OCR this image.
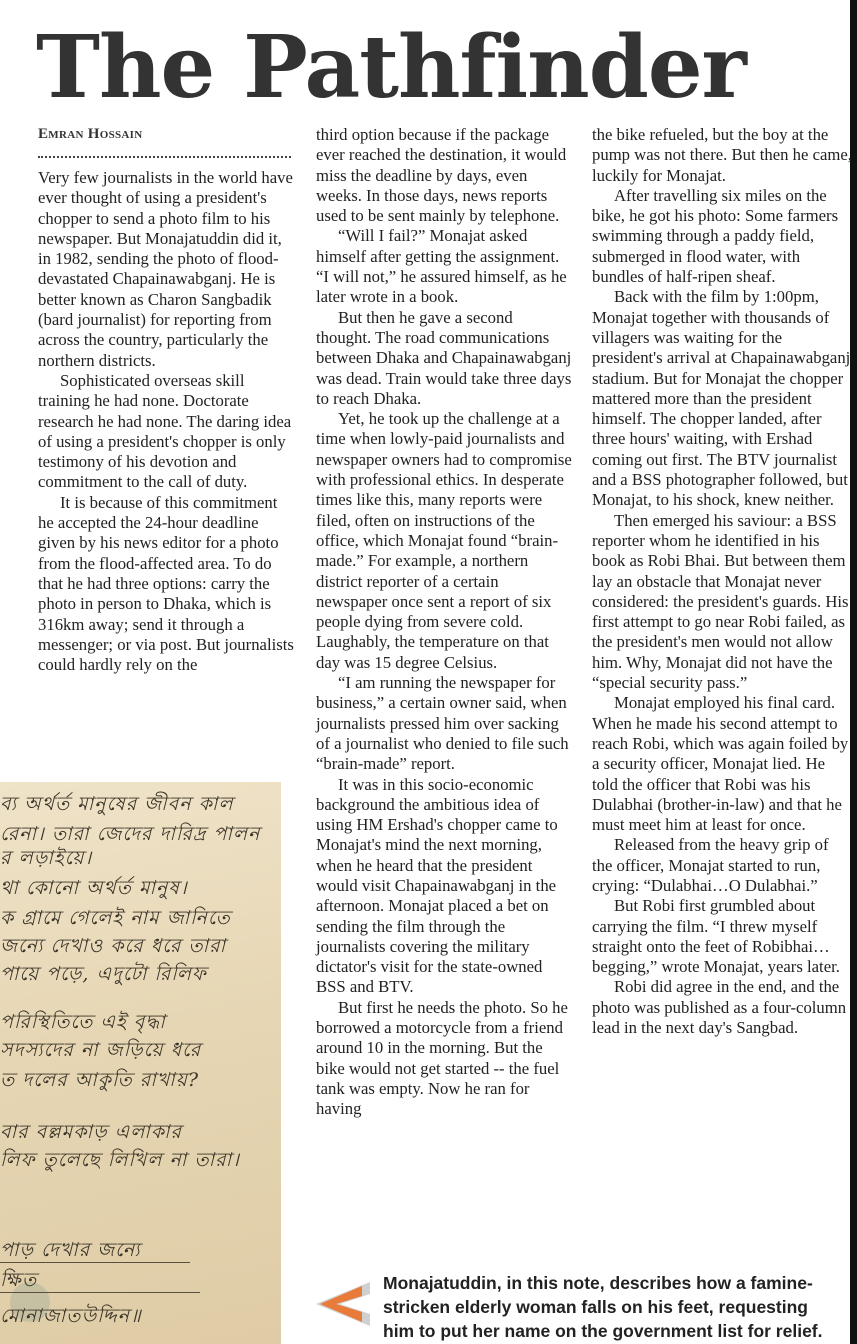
The Pathfinder
Emran Hossain

Very few journalists in the world have ever thought of using a president's chopper to send a photo film to his newspaper. But Monajatuddin did it, in 1982, sending the photo of flood-devastated Chapainawabganj. He is better known as Charon Sangbadik (bard journalist) for reporting from across the country, particularly the northern districts.

Sophisticated overseas skill training he had none. Doctorate research he had none. The daring idea of using a president's chopper is only testimony of his devotion and commitment to the call of duty.

It is because of this commitment he accepted the 24-hour deadline given by his news editor for a photo from the flood-affected area. To do that he had three options: carry the photo in person to Dhaka, which is 316km away; send it through a messenger; or via post. But journalists could hardly rely on the

third option because if the package ever reached the destination, it would miss the deadline by days, even weeks. In those days, news reports used to be sent mainly by telephone.

“Will I fail?” Monajat asked himself after getting the assignment. “I will not,” he assured himself, as he later wrote in a book.

But then he gave a second thought. The road communications between Dhaka and Chapainawabganj was dead. Train would take three days to reach Dhaka.

Yet, he took up the challenge at a time when lowly-paid journalists and newspaper owners had to compromise with professional ethics. In desperate times like this, many reports were filed, often on instructions of the office, which Monajat found “brain-made.” For example, a northern district reporter of a certain newspaper once sent a report of six people dying from severe cold. Laughably, the temperature on that day was 15 degree Celsius.

“I am running the newspaper for business,” a certain owner said, when journalists pressed him over sacking of a journalist who denied to file such “brain-made” report.

It was in this socio-economic background the ambitious idea of using HM Ershad's chopper came to Monajat's mind the next morning, when he heard that the president would visit Chapainawabganj in the afternoon. Monajat placed a bet on sending the film through the journalists covering the military dictator's visit for the state-owned BSS and BTV.

But first he needs the photo. So he borrowed a motorcycle from a friend around 10 in the morning. But the bike would not get started -- the fuel tank was empty. Now he ran for having

the bike refueled, but the boy at the pump was not there. But then he came, luckily for Monajat.

After travelling six miles on the bike, he got his photo: Some farmers swimming through a paddy field, submerged in flood water, with bundles of half-ripen sheaf.

Back with the film by 1:00pm, Monajat together with thousands of villagers was waiting for the president's arrival at Chapainawabganj stadium. But for Monajat the chopper mattered more than the president himself. The chopper landed, after three hours' waiting, with Ershad coming out first. The BTV journalist and a BSS photographer followed, but Monajat, to his shock, knew neither.

Then emerged his saviour: a BSS reporter whom he identified in his book as Robi Bhai. But between them lay an obstacle that Monajat never considered: the president's guards. His first attempt to go near Robi failed, as the president's men would not allow him. Why, Monajat did not have the “special security pass.”

Monajat employed his final card. When he made his second attempt to reach Robi, which was again foiled by a security officer, Monajat lied. He told the officer that Robi was his Dulabhai (brother-in-law) and that he must meet him at least for once.

Released from the heavy grip of the officer, Monajat started to run, crying: “Dulabhai…O Dulabhai.”

But Robi first grumbled about carrying the film. “I threw myself straight onto the feet of Robibhai…begging,” wrote Monajat, years later.

Robi did agree in the end, and the photo was published as a four-column lead in the next day's Sangbad.

ব্য অর্থর্ত মানুষের জীবন কাল
রেনা। তারা জেদের দারিদ্র পালন
র লড়াইয়ে।
থা কোনো অর্থর্ত মানুষ।
ক গ্রামে গেলেই নাম জানিতে
জন্যে দেখাও করে ধরে তারা
পায়ে পড়ে, এদুটো রিলিফ
পরিস্থিতিতে এই বৃদ্ধা
সদস্যদের না জড়িয়ে ধরে
ত দলের আকুতি রাখায়?
বার বল্লমকাড় এলাকার
লিফ তুলেছে লিখিল না তারা।
পাড় দেখার জন্যে
ক্ষিত
মোনাজাতউদ্দিন॥
Monajatuddin, in this note, describes how a famine-stricken elderly woman falls on his feet, requesting him to put her name on the government list for relief.
